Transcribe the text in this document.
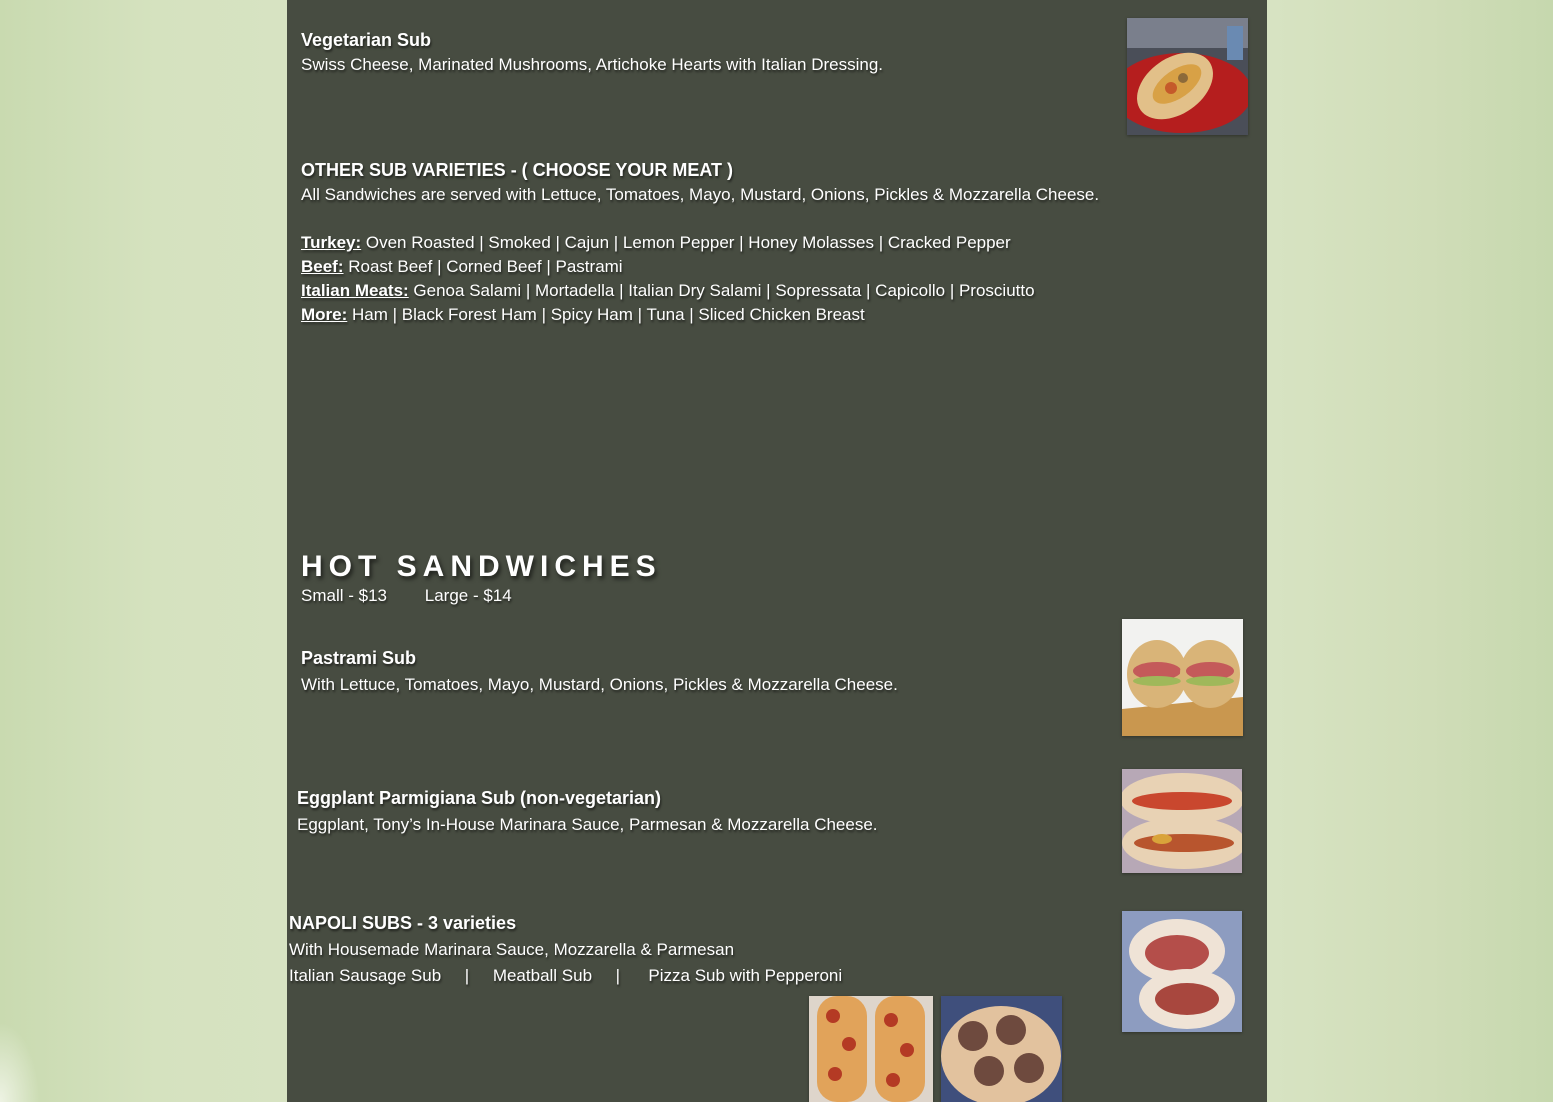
Vegetarian Sub
Swiss Cheese, Marinated Mushrooms, Artichoke Hearts with Italian Dressing.
OTHER SUB VARIETIES - ( CHOOSE YOUR MEAT )
All Sandwiches are served with Lettuce, Tomatoes, Mayo, Mustard, Onions, Pickles & Mozzarella Cheese.
Turkey: Oven Roasted | Smoked | Cajun | Lemon Pepper | Honey Molasses | Cracked Pepper
Beef: Roast Beef | Corned Beef | Pastrami
Italian Meats: Genoa Salami | Mortadella | Italian Dry Salami | Sopressata | Capicollo | Prosciutto
More: Ham | Black Forest Ham | Spicy Ham | Tuna | Sliced Chicken Breast
HOT SANDWICHES
Small - $13        Large - $14
Pastrami Sub
With Lettuce, Tomatoes, Mayo, Mustard, Onions, Pickles & Mozzarella Cheese.
Eggplant Parmigiana Sub (non-vegetarian)
Eggplant, Tony’s In-House Marinara Sauce, Parmesan & Mozzarella Cheese.
NAPOLI SUBS - 3 varieties
With Housemade Marinara Sauce, Mozzarella & Parmesan
Italian Sausage Sub     |     Meatball Sub     |      Pizza Sub with Pepperoni
